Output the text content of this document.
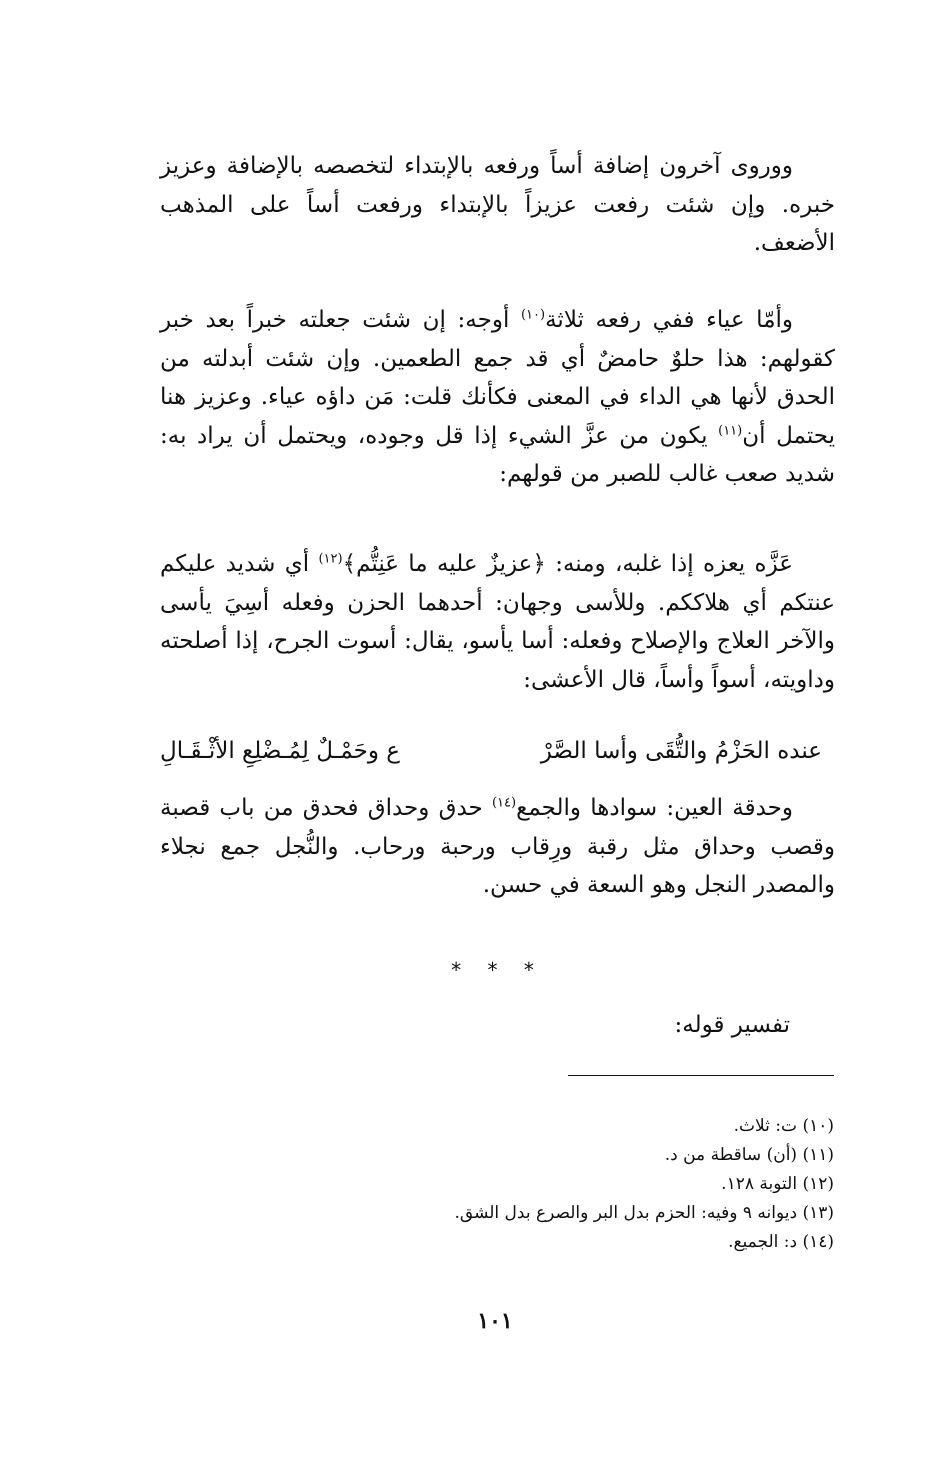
ووروى آخرون إضافة أساً ورفعه بالإبتداء لتخصصه بالإضافة وعزيز خبره. وإن شئت رفعت عزيزاً بالإبتداء ورفعت أساً على المذهب الأضعف.

وأمّا عياء ففي رفعه ثلاثة$^{(١٠)}$ أوجه: إن شئت جعلته خبراً بعد خبر كقولهم: هذا حلوٌ حامضٌ أي قد جمع الطعمين. وإن شئت أبدلته من الحدق لأنها هي الداء في المعنى فكأنك قلت: مَن داؤه عياء. وعزيز هنا يحتمل أن$^{(١١)}$ يكون من عزَّ الشيء إذا قل وجوده، ويحتمل أن يراد به: شديد صعب غالب للصبر من قولهم:

عَزَّه يعزه إذا غلبه، ومنه: ﴿عزيزٌ عليه ما عَنِتُّم﴾$^{(١٢)}$ أي شديد عليكم عنتكم أي هلاككم. وللأسى وجهان: أحدهما الحزن وفعله أسِيَ يأسى والآخر العلاج والإصلاح وفعله: أسا يأسو، يقال: أسوت الجرح، إذا أصلحته وداويته، أسواً وأساً، قال الأعشى:

عنده الحَزْمُ والتُّقَى وأسا الصَّرْ
ع وحَمْـلٌ لِمُـضْلِعِ الأثْـقَـالِ

وحدقة العين: سوادها والجمع$^{(١٤)}$ حدق وحداق فحدق من باب قصبة وقصب وحداق مثل رقبة ورِقاب ورحبة ورحاب. والنُّجل جمع نجلاء والمصدر النجل وهو السعة في حسن.

* * *
تفسير قوله:
(١٠) ت: ثلاث.
(١١) (أن) ساقطة من د.
(١٢) التوبة ١٢٨.
(١٣) ديوانه ٩ وفيه: الحزم بدل البر والصرع بدل الشق.
(١٤) د: الجميع.
١٠١
